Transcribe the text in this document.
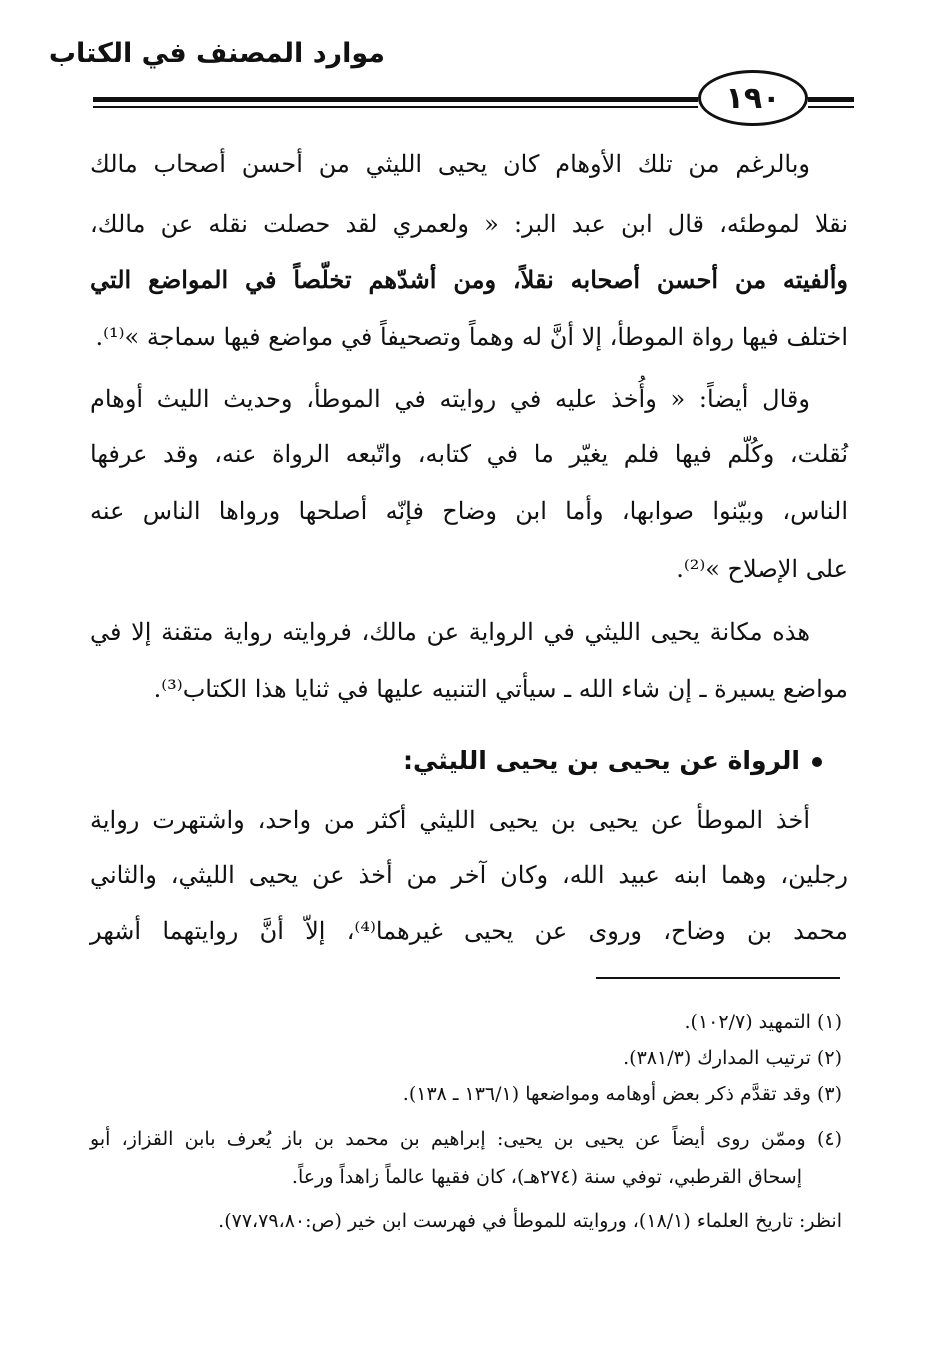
موارد المصنف في الكتاب
١٩٠
وبالرغم من تلك الأوهام كان يحيى الليثي من أحسن أصحاب مالك
نقلا لموطئه، قال ابن عبد البر: « ولعمري لقد حصلت نقله عن مالك،
وألفيته من أحسن أصحابه نقلاً، ومن أشدّهم تخلّصاً في المواضع التي
اختلف فيها رواة الموطأ، إلا أنَّ له وهماً وتصحيفاً في مواضع فيها سماجة »⁽¹⁾.
وقال أيضاً: « وأُخذ عليه في روايته في الموطأ، وحديث الليث أوهام
نُقلت، وكُلّم فيها فلم يغيّر ما في كتابه، واتّبعه الرواة عنه، وقد عرفها
الناس، وبيّنوا صوابها، وأما ابن وضاح فإنّه أصلحها ورواها الناس عنه
على الإصلاح »⁽²⁾.
هذه مكانة يحيى الليثي في الرواية عن مالك، فروايته رواية متقنة إلا في
مواضع يسيرة ـ إن شاء الله ـ سيأتي التنبيه عليها في ثنايا هذا الكتاب⁽³⁾.
الرواة عن يحيى بن يحيى الليثي:
أخذ الموطأ عن يحيى بن يحيى الليثي أكثر من واحد، واشتهرت رواية
رجلين، وهما ابنه عبيد الله، وكان آخر من أخذ عن يحيى الليثي، والثاني
محمد بن وضاح، وروى عن يحيى غيرهما⁽⁴⁾، إلاّ أنَّ روايتهما أشهر
(١) التمهيد (١٠٢/٧).
(٢) ترتيب المدارك (٣٨١/٣).
(٣) وقد تقدَّم ذكر بعض أوهامه ومواضعها (١٣٦/١ ـ ١٣٨).
(٤) وممّن روى أيضاً عن يحيى بن يحيى: إبراهيم بن محمد بن باز يُعرف بابن القزاز، أبو
إسحاق القرطبي، توفي سنة (٢٧٤هـ)، كان فقيها عالماً زاهداً ورعاً.
انظر: تاريخ العلماء (١٨/١)، وروايته للموطأ في فهرست ابن خير (ص:٧٧،٧٩،٨٠).
